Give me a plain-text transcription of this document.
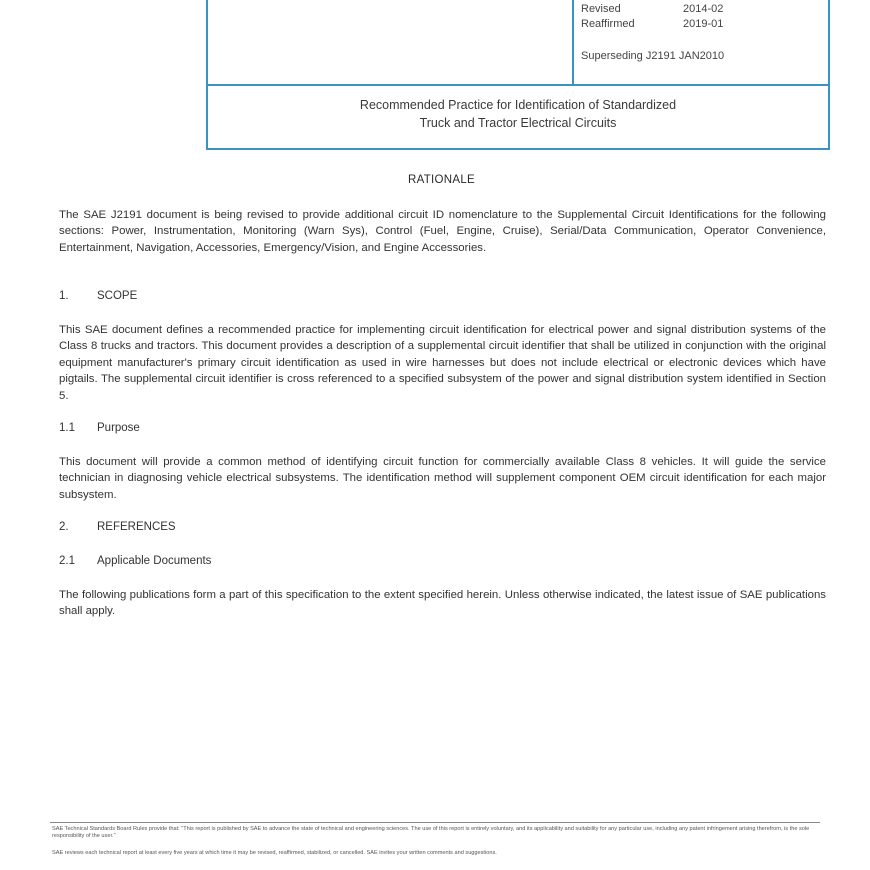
Revised	2014-02
Reaffirmed	2019-01
Superseding J2191 JAN2010
Recommended Practice for Identification of Standardized
Truck and Tractor Electrical Circuits
RATIONALE
The SAE J2191 document is being revised to provide additional circuit ID nomenclature to the Supplemental Circuit Identifications for the following sections: Power, Instrumentation, Monitoring (Warn Sys), Control (Fuel, Engine, Cruise), Serial/Data Communication, Operator Convenience, Entertainment, Navigation, Accessories, Emergency/Vision, and Engine Accessories.
1. SCOPE
This SAE document defines a recommended practice for implementing circuit identification for electrical power and signal distribution systems of the Class 8 trucks and tractors. This document provides a description of a supplemental circuit identifier that shall be utilized in conjunction with the original equipment manufacturer's primary circuit identification as used in wire harnesses but does not include electrical or electronic devices which have pigtails. The supplemental circuit identifier is cross referenced to a specified subsystem of the power and signal distribution system identified in Section 5.
1.1 Purpose
This document will provide a common method of identifying circuit function for commercially available Class 8 vehicles. It will guide the service technician in diagnosing vehicle electrical subsystems. The identification method will supplement component OEM circuit identification for each major subsystem.
2. REFERENCES
2.1 Applicable Documents
The following publications form a part of this specification to the extent specified herein. Unless otherwise indicated, the latest issue of SAE publications shall apply.
SAE Technical Standards Board Rules provide that: "This report is published by SAE to advance the state of technical and engineering sciences. The use of this report is entirely voluntary, and its applicability and suitability for any particular use, including any patent infringement arising therefrom, is the sole responsibility of the user."
SAE reviews each technical report at least every five years at which time it may be revised, reaffirmed, stabilized, or cancelled. SAE invites your written comments and suggestions.
